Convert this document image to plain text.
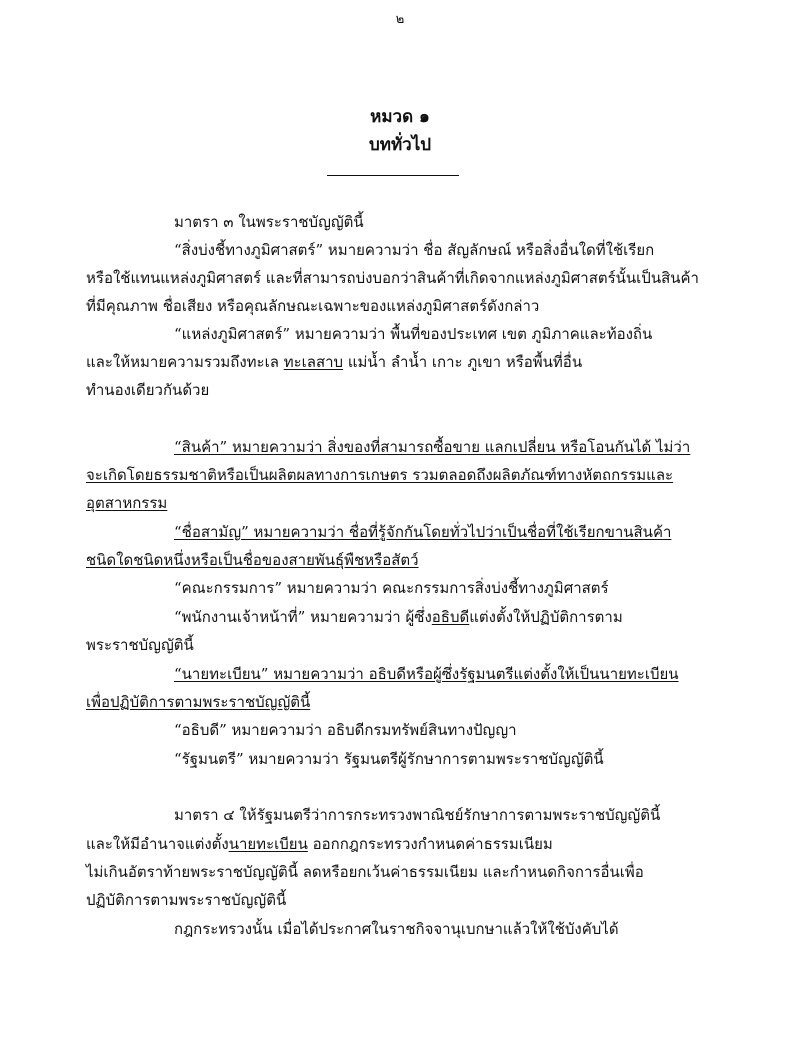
๒
หมวด ๑
บททั่วไป
มาตรา ๓ ในพระราชบัญญัตินี้
“สิ่งบ่งชี้ทางภูมิศาสตร์” หมายความว่า ชื่อ สัญลักษณ์ หรือสิ่งอื่นใดที่ใช้เรียก
หรือใช้แทนแหล่งภูมิศาสตร์ และที่สามารถบ่งบอกว่าสินค้าที่เกิดจากแหล่งภูมิศาสตร์นั้นเป็นสินค้า
ที่มีคุณภาพ ชื่อเสียง หรือคุณลักษณะเฉพาะของแหล่งภูมิศาสตร์ดังกล่าว
“แหล่งภูมิศาสตร์” หมายความว่า พื้นที่ของประเทศ เขต ภูมิภาคและท้องถิ่น
และให้หมายความรวมถึงทะเล ทะเลสาบ แม่น้ำ ลำน้ำ เกาะ ภูเขา หรือพื้นที่อื่น
ทำนองเดียวกันด้วย
“สินค้า” หมายความว่า สิ่งของที่สามารถซื้อขาย แลกเปลี่ยน หรือโอนกันได้ ไม่ว่า
จะเกิดโดยธรรมชาติหรือเป็นผลิตผลทางการเกษตร รวมตลอดถึงผลิตภัณฑ์ทางหัตถกรรมและ
อุตสาหกรรม
“ชื่อสามัญ” หมายความว่า ชื่อที่รู้จักกันโดยทั่วไปว่าเป็นชื่อที่ใช้เรียกขานสินค้า
ชนิดใดชนิดหนึ่งหรือเป็นชื่อของสายพันธุ์พืชหรือสัตว์
“คณะกรรมการ” หมายความว่า คณะกรรมการสิ่งบ่งชี้ทางภูมิศาสตร์
“พนักงานเจ้าหน้าที่” หมายความว่า ผู้ซึ่งอธิบดีแต่งตั้งให้ปฏิบัติการตาม
พระราชบัญญัตินี้
“นายทะเบียน” หมายความว่า อธิบดีหรือผู้ซึ่งรัฐมนตรีแต่งตั้งให้เป็นนายทะเบียน
เพื่อปฏิบัติการตามพระราชบัญญัตินี้
“อธิบดี” หมายความว่า อธิบดีกรมทรัพย์สินทางปัญญา
“รัฐมนตรี” หมายความว่า รัฐมนตรีผู้รักษาการตามพระราชบัญญัตินี้
มาตรา ๔ ให้รัฐมนตรีว่าการกระทรวงพาณิชย์รักษาการตามพระราชบัญญัตินี้
และให้มีอำนาจแต่งตั้งนายทะเบียน ออกกฎกระทรวงกำหนดค่าธรรมเนียม
ไม่เกินอัตราท้ายพระราชบัญญัตินี้ ลดหรือยกเว้นค่าธรรมเนียม และกำหนดกิจการอื่นเพื่อ
ปฏิบัติการตามพระราชบัญญัตินี้
กฎกระทรวงนั้น เมื่อได้ประกาศในราชกิจจานุเบกษาแล้วให้ใช้บังคับได้
